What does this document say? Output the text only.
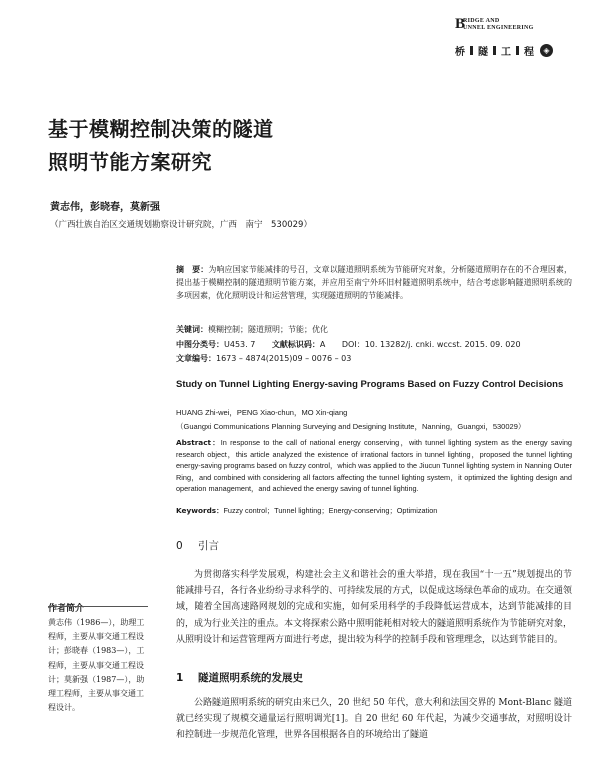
B
RIDGE AND
UNNEL ENGINEERING
桥 隧 工 程	◈
基于模糊控制决策的隧道
照明节能方案研究
黄志伟，彭晓春，莫新强
（广西壮族自治区交通规划勘察设计研究院，广西　南宁　530029）
摘　要：为响应国家节能减排的号召，文章以隧道照明系统为节能研究对象，分析隧道照明存在的不合理因素，提出基于模糊控制的隧道照明节能方案，并应用至南宁外环旧村隧道照明系统中，结合考虑影响隧道照明系统的多项因素，优化照明设计和运营管理，实现隧道照明的节能减排。
关键词：模糊控制；隧道照明；节能；优化
中图分类号：U453. 7 文献标识码：A DOI：10. 13282/j. cnki. wccst. 2015. 09. 020
文章编号：1673 – 4874(2015)09 – 0076 – 03
Study on Tunnel Lighting Energy-saving Programs Based on Fuzzy Control Decisions
HUANG Zhi-wei，PENG Xiao-chun，MO Xin-qiang
（Guangxi Communications Planning Surveying and Designing Institute，Nanning，Guangxi，530029）
Abstract：In response to the call of national energy conserving，with tunnel lighting system as the energy saving research object，this article analyzed the existence of irrational factors in tunnel lighting，proposed the tunnel lighting energy-saving programs based on fuzzy control，which was applied to the Jiucun Tunnel lighting system in Nanning Outer Ring，and combined with considering all factors affecting the tunnel lighting system，it optimized the lighting design and operation management，and achieved the energy saving of tunnel lighting.
Keywords：Fuzzy control；Tunnel lighting；Energy-conserving；Optimization
0 引言
为贯彻落实科学发展观，构建社会主义和谐社会的重大举措，现在我国“十一五”规划提出的节能减排号召，各行各业纷纷寻求科学的、可持续发展的方式，以促成这场绿色革命的成功。在交通领域，随着全国高速路网规划的完成和实施，如何采用科学的手段降低运营成本，达到节能减排的目的，成为行业关注的重点。本文将探索公路中照明能耗相对较大的隧道照明系统作为节能研究对象，从照明设计和运营管理两方面进行考虑，提出较为科学的控制手段和管理理念，以达到节能目的。
1 隧道照明系统的发展史
公路隧道照明系统的研究由来已久，20 世纪 50 年代，意大利和法国交界的 Mont-Blanc 隧道就已经实现了规模交通量运行照明调光[1]。自 20 世纪 60 年代起，为减少交通事故，对照明设计和控制进一步规范化管理，世界各国根据各自的环境给出了隧道
作者简介
黄志伟（1986—），助理工程师，主要从事交通工程设计；彭晓春（1983—），工程师，主要从事交通工程设计；莫新强（1987—），助理工程师，主要从事交通工程设计。
